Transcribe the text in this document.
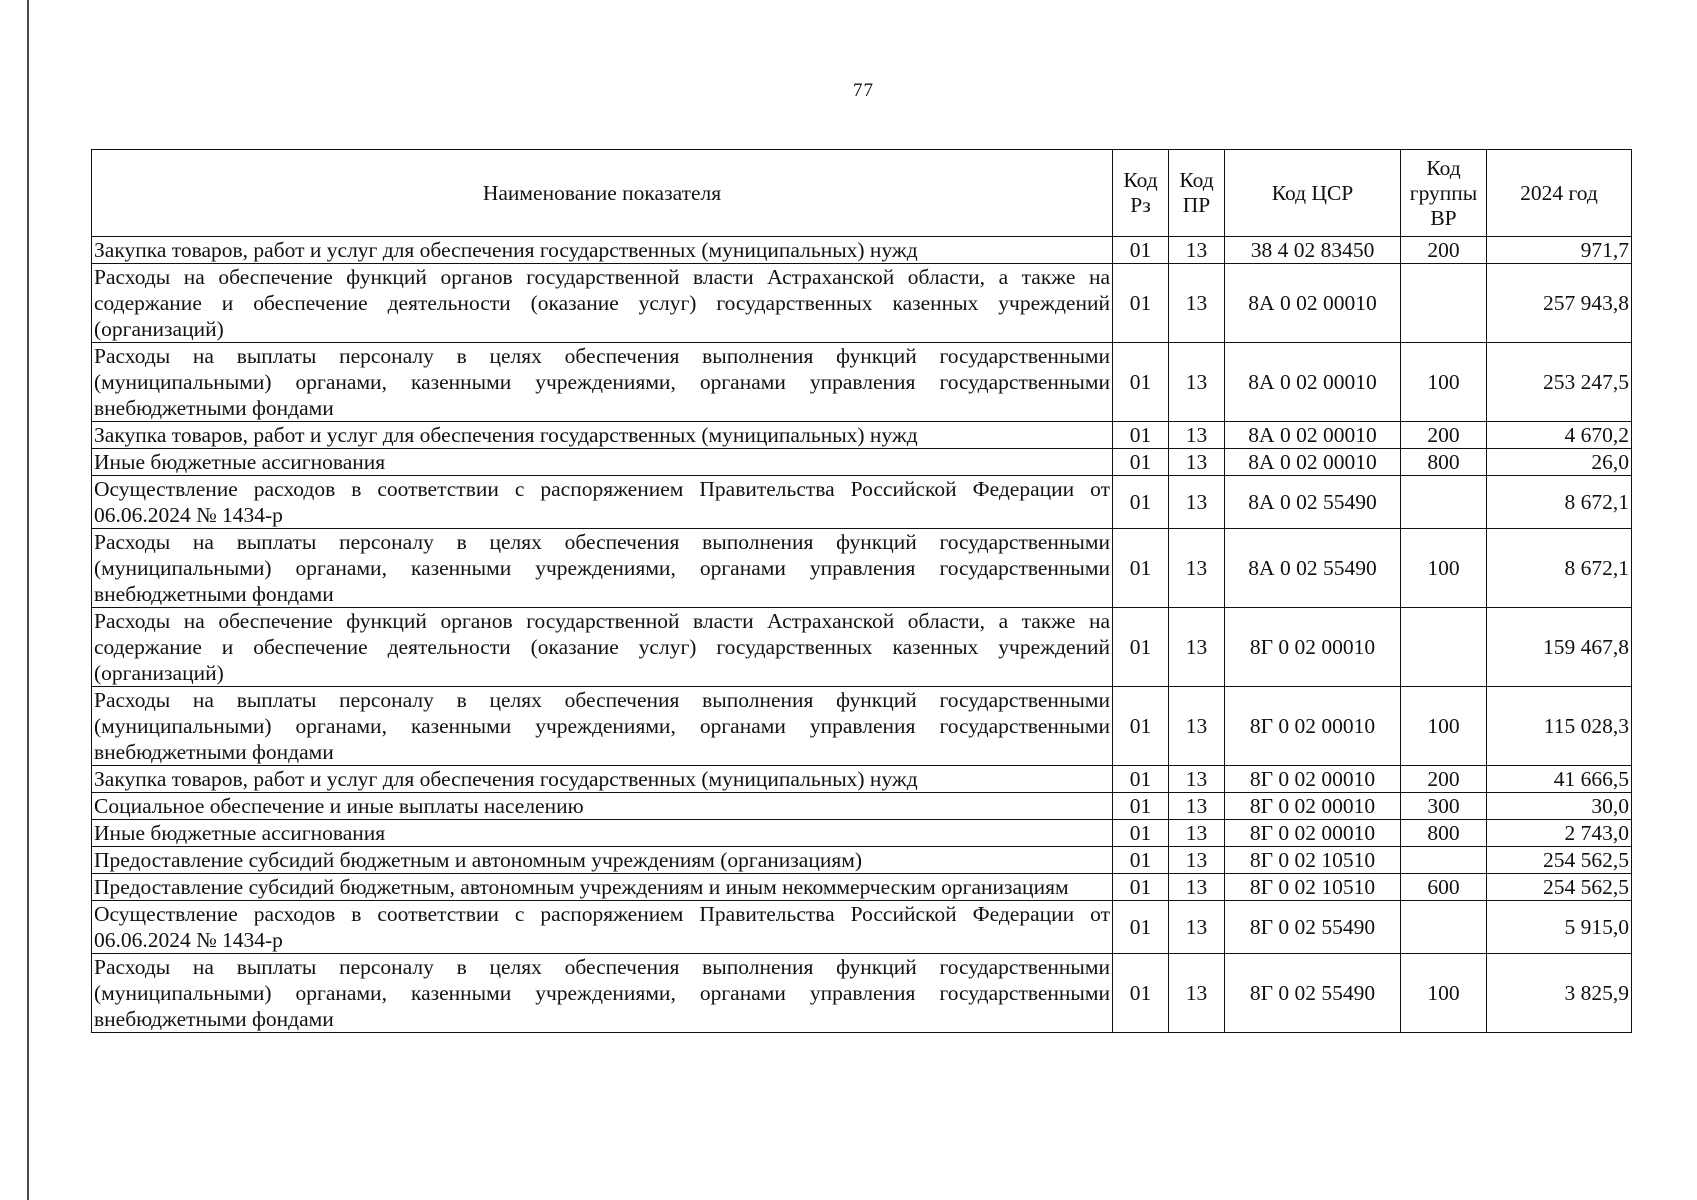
77
Наименование показателя	Код Рз	Код ПР	Код ЦСР	Код группы ВР	2024 год
Закупка товаров, работ и услуг для обеспечения государственных (муниципальных) нужд	01	13	38 4 02 83450	200	971,7
Расходы на обеспечение функций органов государственной власти Астраханской области, а также на содержание и обеспечение деятельности (оказание услуг) государственных казенных учреждений (организаций)	01	13	8А 0 02 00010		257 943,8
Расходы на выплаты персоналу в целях обеспечения выполнения функций государственными (муниципальными) органами, казенными учреждениями, органами управления государственными внебюджетными фондами	01	13	8А 0 02 00010	100	253 247,5
Закупка товаров, работ и услуг для обеспечения государственных (муниципальных) нужд	01	13	8А 0 02 00010	200	4 670,2
Иные бюджетные ассигнования	01	13	8А 0 02 00010	800	26,0
Осуществление расходов в соответствии с распоряжением Правительства Российской Федерации от 06.06.2024 № 1434-р	01	13	8А 0 02 55490		8 672,1
Расходы на выплаты персоналу в целях обеспечения выполнения функций государственными (муниципальными) органами, казенными учреждениями, органами управления государственными внебюджетными фондами	01	13	8А 0 02 55490	100	8 672,1
Расходы на обеспечение функций органов государственной власти Астраханской области, а также на содержание и обеспечение деятельности (оказание услуг) государственных казенных учреждений (организаций)	01	13	8Г 0 02 00010		159 467,8
Расходы на выплаты персоналу в целях обеспечения выполнения функций государственными (муниципальными) органами, казенными учреждениями, органами управления государственными внебюджетными фондами	01	13	8Г 0 02 00010	100	115 028,3
Закупка товаров, работ и услуг для обеспечения государственных (муниципальных) нужд	01	13	8Г 0 02 00010	200	41 666,5
Социальное обеспечение и иные выплаты населению	01	13	8Г 0 02 00010	300	30,0
Иные бюджетные ассигнования	01	13	8Г 0 02 00010	800	2 743,0
Предоставление субсидий бюджетным и автономным учреждениям (организациям)	01	13	8Г 0 02 10510		254 562,5
Предоставление субсидий бюджетным, автономным учреждениям и иным некоммерческим организациям	01	13	8Г 0 02 10510	600	254 562,5
Осуществление расходов в соответствии с распоряжением Правительства Российской Федерации от 06.06.2024 № 1434-р	01	13	8Г 0 02 55490		5 915,0
Расходы на выплаты персоналу в целях обеспечения выполнения функций государственными (муниципальными) органами, казенными учреждениями, органами управления государственными внебюджетными фондами	01	13	8Г 0 02 55490	100	3 825,9
